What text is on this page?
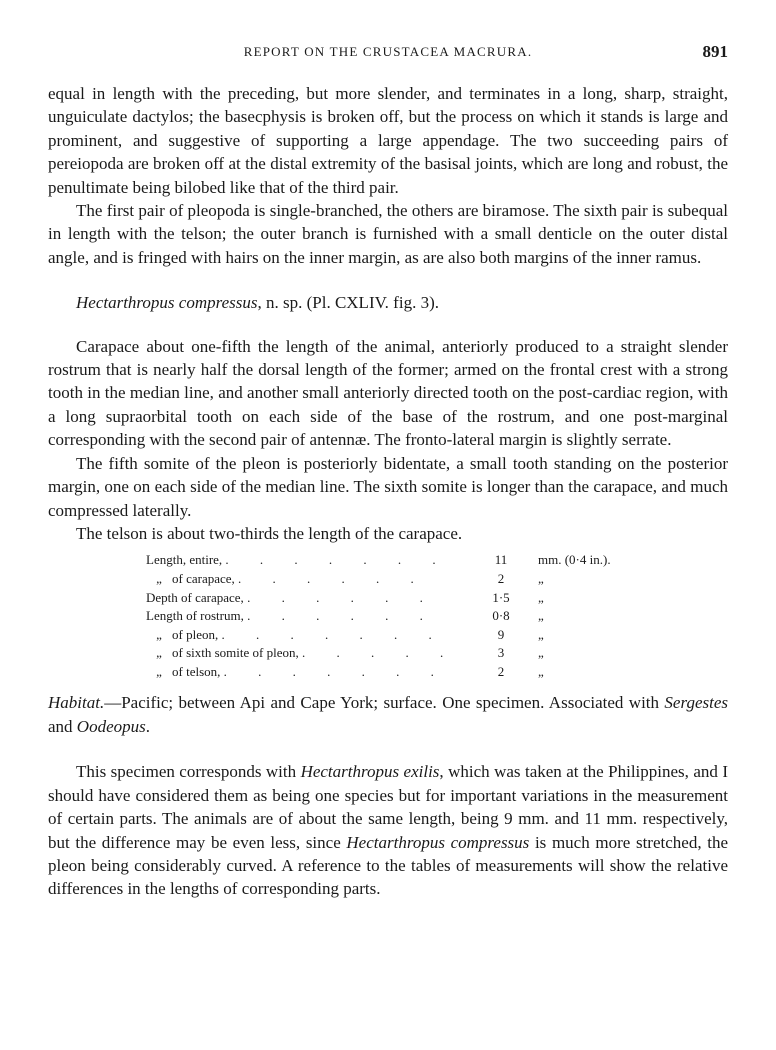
REPORT ON THE CRUSTACEA MACRURA.	891

equal in length with the preceding, but more slender, and terminates in a long, sharp, straight, unguiculate dactylos; the basecphysis is broken off, but the process on which it stands is large and prominent, and suggestive of supporting a large appendage. The two succeeding pairs of pereiopoda are broken off at the distal extremity of the basisal joints, which are long and robust, the penultimate being bilobed like that of the third pair.

The first pair of pleopoda is single-branched, the others are biramose. The sixth pair is subequal in length with the telson; the outer branch is furnished with a small denticle on the outer distal angle, and is fringed with hairs on the inner margin, as are also both margins of the inner ramus.

Hectarthropus compressus, n. sp. (Pl. CXLIV. fig. 3).

Carapace about one-fifth the length of the animal, anteriorly produced to a straight slender rostrum that is nearly half the dorsal length of the former; armed on the frontal crest with a strong tooth in the median line, and another small anteriorly directed tooth on the post-cardiac region, with a long supraorbital tooth on each side of the base of the rostrum, and one post-marginal corresponding with the second pair of antennæ. The fronto-lateral margin is slightly serrate.

The fifth somite of the pleon is posteriorly bidentate, a small tooth standing on the posterior margin, one on each side of the median line. The sixth somite is longer than the carapace, and much compressed laterally.

The telson is about two-thirds the length of the carapace.

Length, entire, . . . . . . .	11	mm. (0·4 in.).
„ of carapace, . . . . . .	2	„
Depth of carapace, . . . . . .	1·5	„
Length of rostrum, . . . . . .	0·8	„
„ of pleon, . . . . . . .	9	„
„ of sixth somite of pleon, . . . . .	3	„
„ of telson, . . . . . . .	2	„

Habitat.—Pacific; between Api and Cape York; surface. One specimen. Associated with Sergestes and Oodeopus.

This specimen corresponds with Hectarthropus exilis, which was taken at the Philippines, and I should have considered them as being one species but for important variations in the measurement of certain parts. The animals are of about the same length, being 9 mm. and 11 mm. respectively, but the difference may be even less, since Hectarthropus compressus is much more stretched, the pleon being considerably curved. A reference to the tables of measurements will show the relative differences in the lengths of corresponding parts.
